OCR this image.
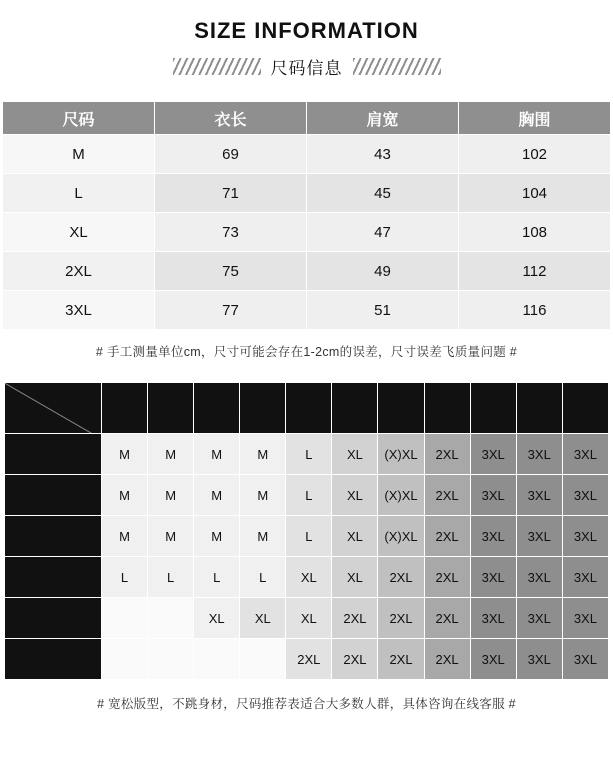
SIZE INFORMATION
尺码信息
尺码	衣长	肩宽	胸围
M	69	43	102
L	71	45	104
XL	73	47	108
2XL	75	49	112
3XL	77	51	116
# 手工测量单位cm，尺寸可能会存在1-2cm的误差，尺寸误差飞质量问题 #
体重（kg）
身高（cm）	55KG	60KG	65KG	70KG	75KG	80KG	85KG	90KG	95KG	100KG	105KG
165CM	M	M	M	M	L	XL	(X)XL	2XL	3XL	3XL	3XL
170CM	M	M	M	M	L	XL	(X)XL	2XL	3XL	3XL	3XL
175CM	M	M	M	M	L	XL	(X)XL	2XL	3XL	3XL	3XL
180CM	L	L	L	L	XL	XL	2XL	2XL	3XL	3XL	3XL
185CM			XL	XL	XL	2XL	2XL	2XL	3XL	3XL	3XL
190CM					2XL	2XL	2XL	2XL	3XL	3XL	3XL
# 宽松版型，不跳身材，尺码推荐表适合大多数人群，具体咨询在线客服 #
